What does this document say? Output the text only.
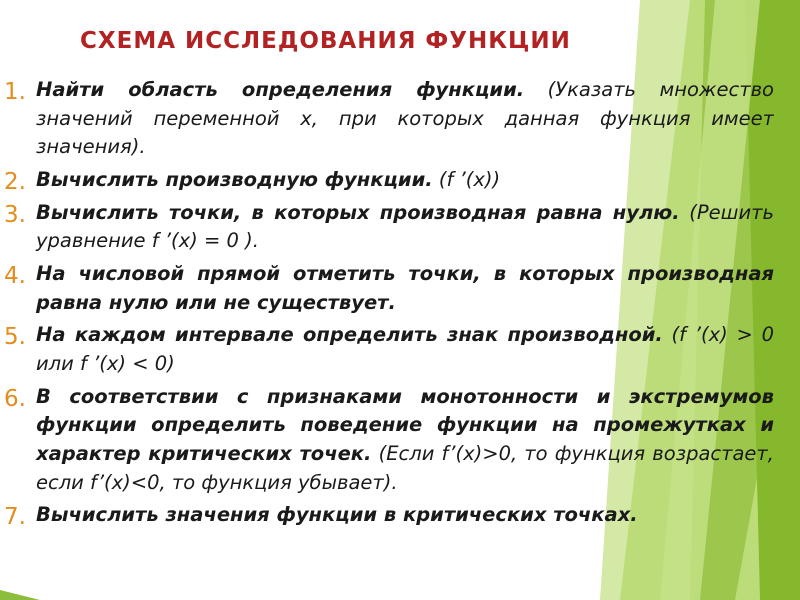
СХЕМА ИССЛЕДОВАНИЯ ФУНКЦИИ
1. Найти область определения функции. (Указать множество значений переменной x, при которых данная функция имеет значения).
2. Вычислить производную функции. (f ’(x))
3. Вычислить точки, в которых производная равна нулю. (Решить уравнение f ’(x) = 0 ).
4. На числовой прямой отметить точки, в которых производная равна нулю или не существует.
5. На каждом интервале определить знак производной. (f ’(x) > 0 или f ’(x) < 0)
6. В соответствии с признаками монотонности и экстремумов функции определить поведение функции на промежутках и характер критических точек. (Если f’(x)>0, то функция возрастает, если f’(x)<0, то функция убывает).
7. Вычислить значения функции в критических точках.
